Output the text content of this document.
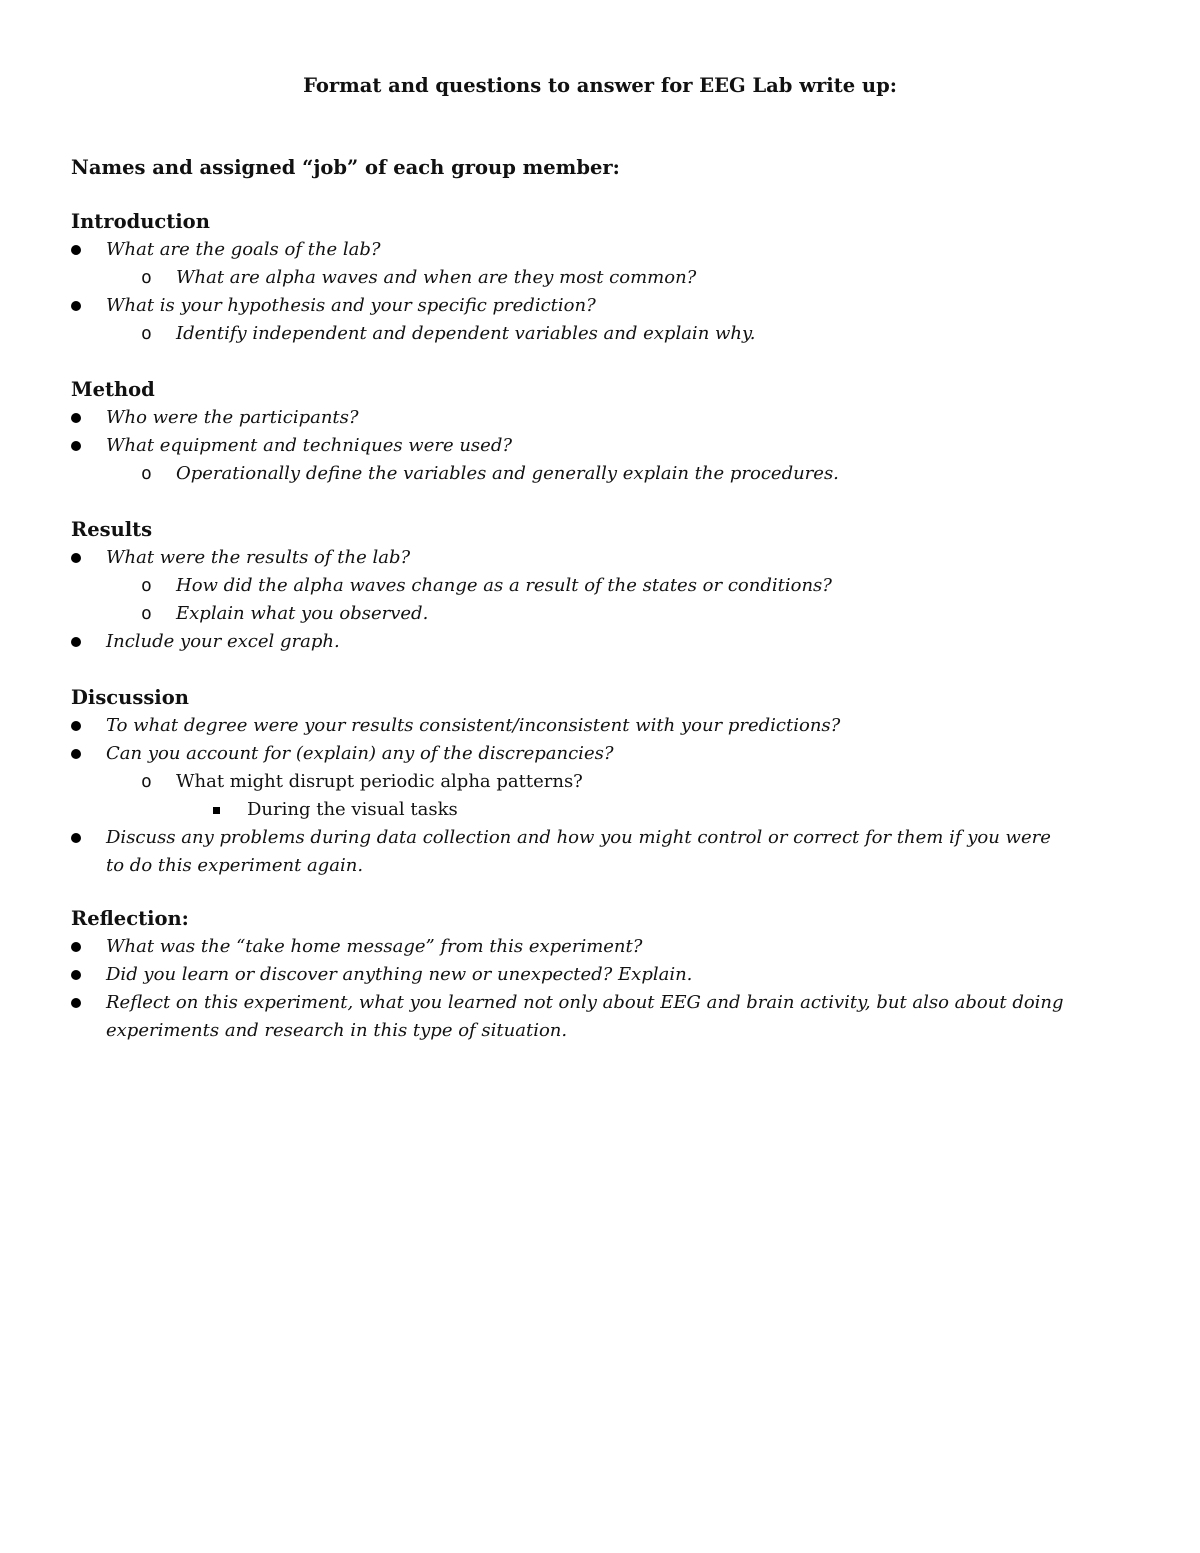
Format and questions to answer for EEG Lab write up:
Names and assigned “job” of each group member:
Introduction
What are the goals of the lab?
o What are alpha waves and when are they most common?
What is your hypothesis and your specific prediction?
o Identify independent and dependent variables and explain why.
Method
Who were the participants?
What equipment and techniques were used?
o Operationally define the variables and generally explain the procedures.
Results
What were the results of the lab?
o How did the alpha waves change as a result of the states or conditions?
o Explain what you observed.
Include your excel graph.
Discussion
To what degree were your results consistent/inconsistent with your predictions?
Can you account for (explain) any of the discrepancies?
o What might disrupt periodic alpha patterns?
During the visual tasks
Discuss any problems during data collection and how you might control or correct for them if you were
to do this experiment again.
Reflection:
What was the “take home message” from this experiment?
Did you learn or discover anything new or unexpected? Explain.
Reflect on this experiment, what you learned not only about EEG and brain activity, but also about doing
experiments and research in this type of situation.
